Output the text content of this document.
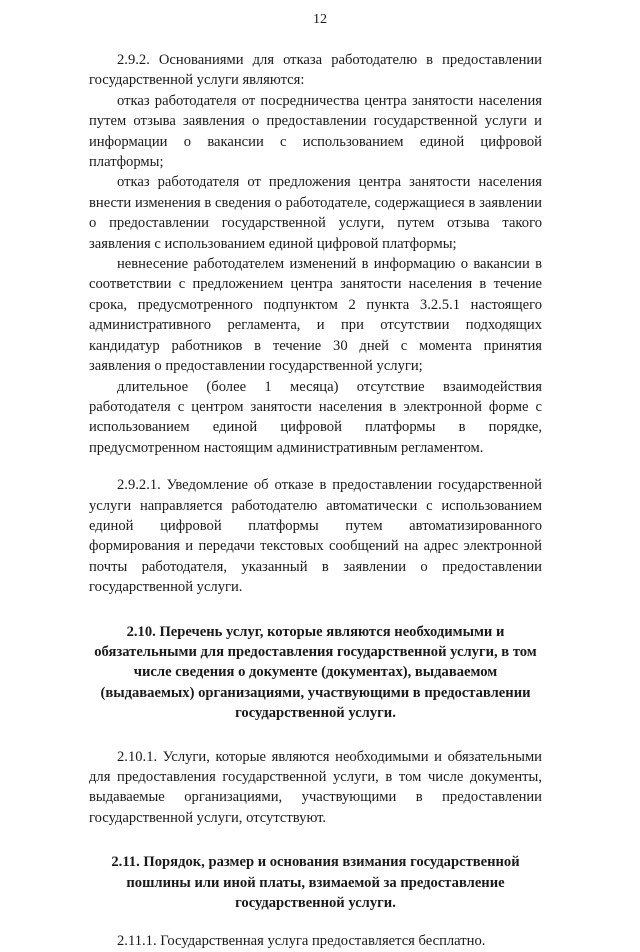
12

2.9.2. Основаниями для отказа работодателю в предоставлении государственной услуги являются:

отказ работодателя от посредничества центра занятости населения путем отзыва заявления о предоставлении государственной услуги и информации о вакансии с использованием единой цифровой платформы;

отказ работодателя от предложения центра занятости населения внести изменения в сведения о работодателе, содержащиеся в заявлении о предоставлении государственной услуги, путем отзыва такого заявления с использованием единой цифровой платформы;

невнесение работодателем изменений в информацию о вакансии в соответствии с предложением центра занятости населения в течение срока, предусмотренного подпунктом 2 пункта 3.2.5.1 настоящего административного регламента, и при отсутствии подходящих кандидатур работников в течение 30 дней с момента принятия заявления о предоставлении государственной услуги;

длительное (более 1 месяца) отсутствие взаимодействия работодателя с центром занятости населения в электронной форме с использованием единой цифровой платформы в порядке, предусмотренном настоящим административным регламентом.

2.9.2.1. Уведомление об отказе в предоставлении государственной услуги направляется работодателю автоматически с использованием единой цифровой платформы путем автоматизированного формирования и передачи текстовых сообщений на адрес электронной почты работодателя, указанный в заявлении о предоставлении государственной услуги.

2.10. Перечень услуг, которые являются необходимыми и обязательными для предоставления государственной услуги, в том числе сведения о документе (документах), выдаваемом (выдаваемых) организациями, участвующими в предоставлении государственной услуги.

2.10.1. Услуги, которые являются необходимыми и обязательными для предоставления государственной услуги, в том числе документы, выдаваемые организациями, участвующими в предоставлении государственной услуги, отсутствуют.

2.11. Порядок, размер и основания взимания государственной пошлины или иной платы, взимаемой за предоставление государственной услуги.

2.11.1. Государственная услуга предоставляется бесплатно.
